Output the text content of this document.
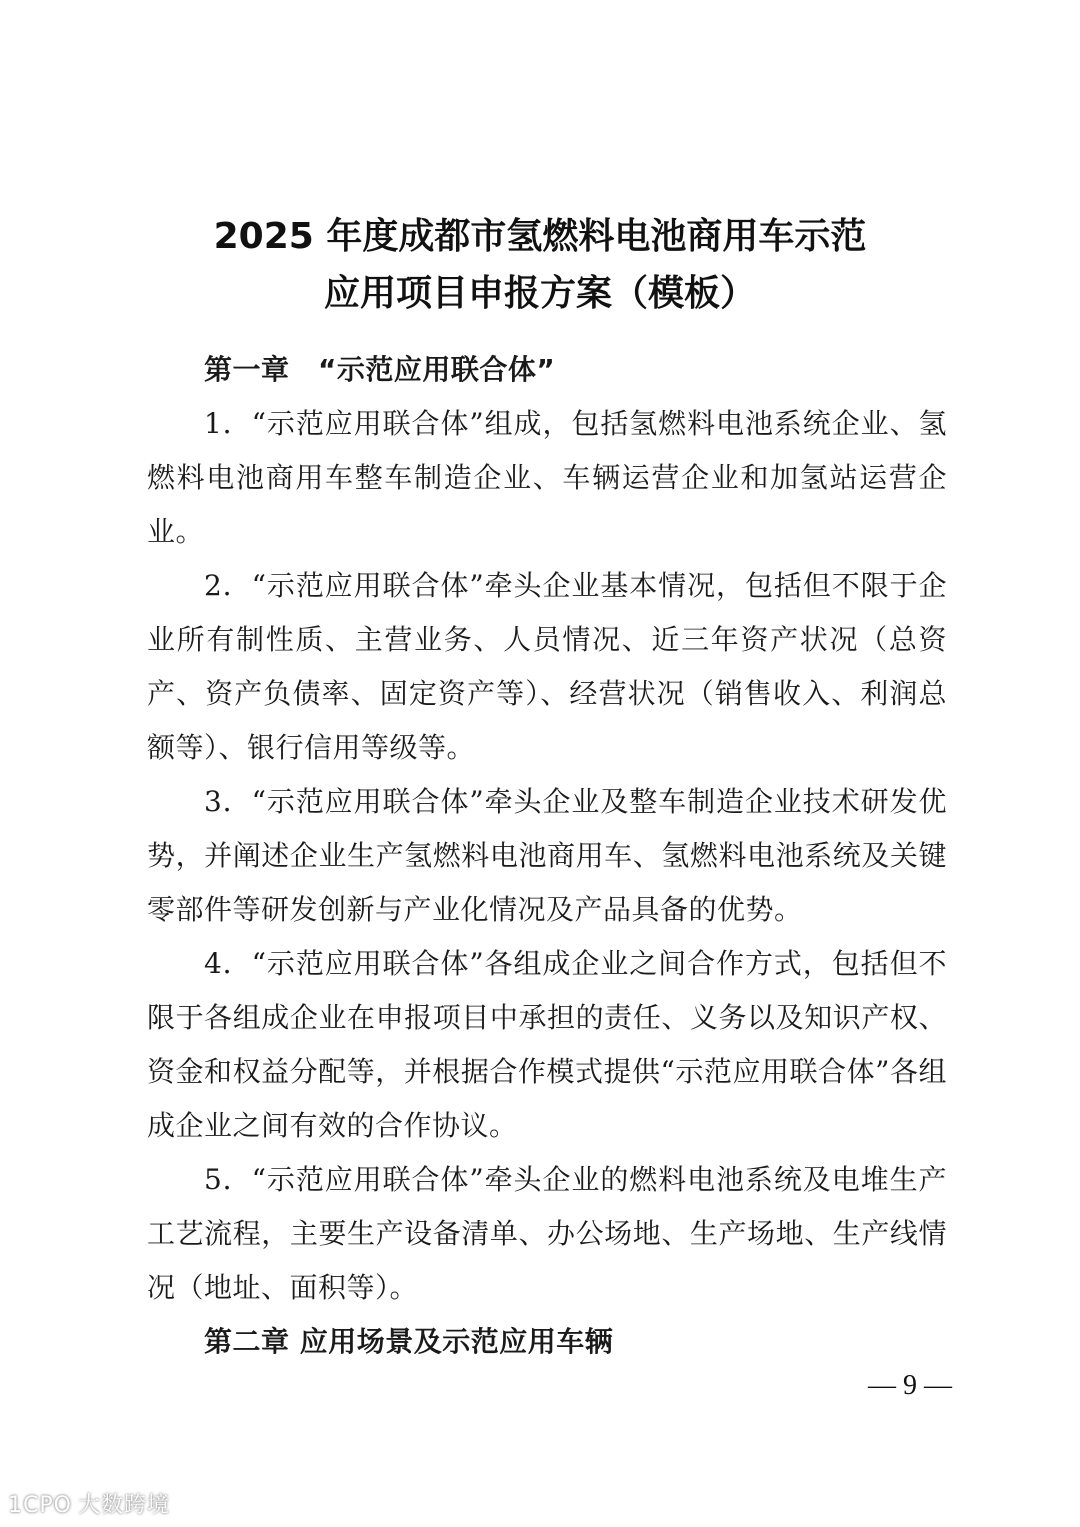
2025 年度成都市氢燃料电池商用车示范
应用项目申报方案（模板）

第一章　“示范应用联合体”

1．“示范应用联合体”组成，包括氢燃料电池系统企业、氢燃料电池商用车整车制造企业、车辆运营企业和加氢站运营企业。

2．“示范应用联合体”牵头企业基本情况，包括但不限于企业所有制性质、主营业务、人员情况、近三年资产状况（总资产、资产负债率、固定资产等）、经营状况（销售收入、利润总额等）、银行信用等级等。

3．“示范应用联合体”牵头企业及整车制造企业技术研发优势，并阐述企业生产氢燃料电池商用车、氢燃料电池系统及关键零部件等研发创新与产业化情况及产品具备的优势。

4．“示范应用联合体”各组成企业之间合作方式，包括但不限于各组成企业在申报项目中承担的责任、义务以及知识产权、资金和权益分配等，并根据合作模式提供“示范应用联合体”各组成企业之间有效的合作协议。

5．“示范应用联合体”牵头企业的燃料电池系统及电堆生产工艺流程，主要生产设备清单、办公场地、生产场地、生产线情况（地址、面积等）。

第二章 应用场景及示范应用车辆

— 9 —
1CPO 大数跨境
